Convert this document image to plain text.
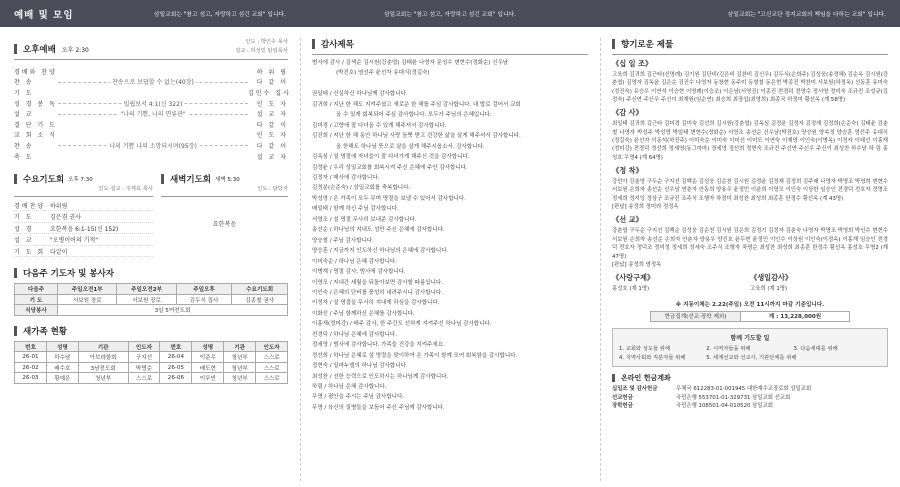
예배 및 모임	삼일교회는 "참고 섬고, 자랑하고 섬긴 교회" 입니다.
오후예배 오후 2:30
인도 : 박인수 목사
설교 : 하성민 담임목사
경배와 찬양	하 위 림
찬 송	찬송으로 보답할 수 없는(40장)	다 같 이
기 도	김민수 집사
성 경 봉 독	빌립보서 4:1(신 322)	인 도 자
설 교	"나의 기쁨, 나의 면류관"	설 교 자
결 단 기 도	다 같 이
교 회 소 식	인 도 자
찬 송	나의 기쁨 나의 소망되시며(95장)	다 같 이
축 도	설 교 자
수요기도회 오후 7:30
인도·설교 : 주재효 목사
경배찬양 하위림
기 도	김은겸 권사
성 경	요한복음 6:1-15(신 152)
설 교	"오병이어의 기적"
기 도 회 다같이
새벽기도회 새벽 5:30
인도 : 담당자
요한복음
다음주 기도자 및 봉사자
다음주	주일오전1부	주일오전2부	주일오후	수요기도회
기 도	서보원 장로	서보원 장로	김두식 집사	김종철 권사
식당봉사	3일 5여전도회			
새가족 현황
번호	성명	기관	인도자	번호	성명	기관	인도자
26-01	하수남	아브라함회	구지선	26-04	이준우	청년부	스스로
26-02	배수호	3남전도회	박명순	26-05	배도현	청년부	스스로
26-03	황예은	청년부	스스로	26-06	이무빈	청년부	스스로
삼일교회는 "참고 섬고, 자랑하고 섬긴 교회" 입니다.
감사제목
범사에 감사 / 김색순 김시원(강춘엽) 김태윤 나영자 문성수 변현수(정화순) 신우남
(박진호) 염선주 윤선자 유대식(정길숙)
권일태 / 신실하신 하나님께 감사합니다.
김귀희 / 지난 한 해도 지켜주셨고 새로운 한 해를 주심 감사합니다. 내 발로 걸어서 교회
올 수 있게 회복되어 주심 감사합니다. 모두가 주님의 은혜입니다.
김미경 / 고향에 잘 다녀올 수 있게 해주셔서 감사합니다.
김진희 / 지난 한 해 동안 하나님 사랑 듬뿍 받고 건강한 삶을 살게 해주셔서 감사합니다.
올 한해도 하나님 뜻으로 살을 살게 해주시옵소서. 감사합니다.
김옥심 / 설 명절에 자녀들이 잘 다녀가게 해주신 것을 감사합니다.
김정윤 / 우리 성일교회를 회복시켜 주신 은혜에 주안 감사합니다.
김정자 / 매사에 감사합니다.
김정분(손준숙) / 삼일교회를 축복합니다.
박성영 / 온 가족이 모두 무며 명절을 보낼 수 있어서 감사합니다.
배일태 / 함께 하신 주님 감사합니다.
서영조 / 설 명절 무사히 보내준 감사합니다.
송선순 / 하나님의 지내도 섬만 주신 은혜에 감사합니다.
양승철 / 주님 감사합니다.
양승훈 / 지금까지 인도하신 하나님의 은혜에 감사합니다.
이미숙순 / 하나님 은혜 감사합니다.
이병재 / 명절 감사, 범사에 감사합니다.
이영모 / 지내간 세월을 뒤돌아보면 감사할 따름입니다.
이인숙 / 은혜의 단비를 풍성히 내려주시니 감사합니다.
이정자 / 설 명절을 무사히 지내게 하심을 감사합니다.
이화선 / 주님 함께하신 은혜를 감사합니다.
이홍재(정미강) / 매주 감사, 한 주간도 선하게 지켜주신 하나님 감사합니다.
전경덕 / 하나님 은혜에 감사합니다.
정세영 / 범사에 감사합니다. 가족들 건강을 지켜주세요.
정선희 / 하나님 은혜로 설 명절을 맞이하여 온 가족이 함께 모여 회복함을 감사합니다.
정현숙 / 일마누엘의 하나님 감사합니다.
최성찬 / 선한 능력으로 인도하시는 하나님께 감사합니다.
하림 / 하나님 은혜 감사합니다.
무명 / 평안을 주시는 주님 감사합니다.
무명 / 육신의 질병들을 보듬어 주신 주님께 감사합니다.
삼일교회는 "고신교단 정지교회의 책임을 다하는 교회" 입니다.
향기로운 제물
《십 일 조》
고육희 김귀희 김근타(신영례) 김기원 김단비(김은비 김찬비 김신우) 김두식(손희주) 김성웅(송정혜) 김순옥 김시원(강춘엽) 김영자 김옥윤 김은순 김진수 나영자 동창현 동주미 동형철 동은현 박종진 박찬미 서보원(하정옥) 선동훈 유미숙(정진숙) 유승우 이연석 이승현 이영례(이승조) 이은남(서영진) 이종진 전경덕 전영수 정서영 정미숙 조규진 조성규(김정숙) 주신연 주신우 주신이 최재원(임순연) 최승희 최장섭(최영희) 최종국 하정미 황선옥 (계 58명)
《감 사》
최일태 김귀희 김근타 김미경 김미숙 김선희 김시원(강춘엽) 김옥심 김정윤 김정자 김정재 김정희(손준숙) 김태윤 김춘철 나영자 박성주 박성영 박일태 변현수(정화순) 서영조 송선순 신우남(박진호) 양승원 양속정 양승훈 엄선주 유대식(정길숙) 윤선자 이동석(하진주) 이미숙순 이미숙 이미선 이미모 이연숙 이재영 이인숙(이병옥) 이정자 이태선 이홍재(정미강) 전경덕 정선희 정세영(동그마마) 정세영 정선희 정현숙 조규진 주신연 주신우 주신이 최성찬 하수남 하 림 홍성호 무명4 (계 64명)
《정 착》
강민아 강춘영 구두순 구지선 김백순 김성웅 김순천 김시원 김정윤 김정재 김정희 김주래 나영자 박명조 박영희 변현수 서보원 손희자 송선순 신우남 연춘자 안동희 양용우 윤정민 이윤희 이영모 이인숙 이상한 임승인 전경덕 전호자 정명조 정세희 정지잉 정상구 조규진 조주식 조행자 차경미 최성찬 최성희 최종훈 한정수 황선옥 (계 43명)
[판납] 송정희 정미라 정정옥
《선 교》
강춘엽 구두순 구지선 김백순 김성웅 김순천 김시원 김은희 김정기 김정자 김춘숙 나영자 박명조 박영희 박인수 변현수 서보원 손희자 송선순 손희자 안춘자 양용우 양진호 윤두현 윤정민 이인수 이상원 이인숙(이정옥) 이홍재 임승인 전경덕 전호자 정덕조 정미정 정세희 정세숙 조주식 조행자 차명순 최성찬 최성희 최종훈 한정수 황선옥 홍성호 무명2 (계 47명)
[판납] 송정희 염정옥
《사랑구제》
홍성호 (계 1명)
《생일감사》
고육희 (계 1명)
※ 지동이체는 2.22(주일) 오전 11시까지 마감 기준입니다.
현금집계(선교·장학 제외)	계 : 13,228,000원
함께 기도할 일
1. 교회와 성도들 위해	2. 시역자들을 위해	3. 다음세대를 위해
4. 지역사회와 직분자들 위해	5. 세계선교와 선교사, 기관단체를 위해
온라인 헌금계좌
십일조 및 감사헌금	우체국 612283-01-001945 대한예수교장로회 삼일교회
선교헌금	국민은행 553701-01-329731 삼일교회 선교회
장학헌금	국민은행 108501-04-010520 삼일교회
